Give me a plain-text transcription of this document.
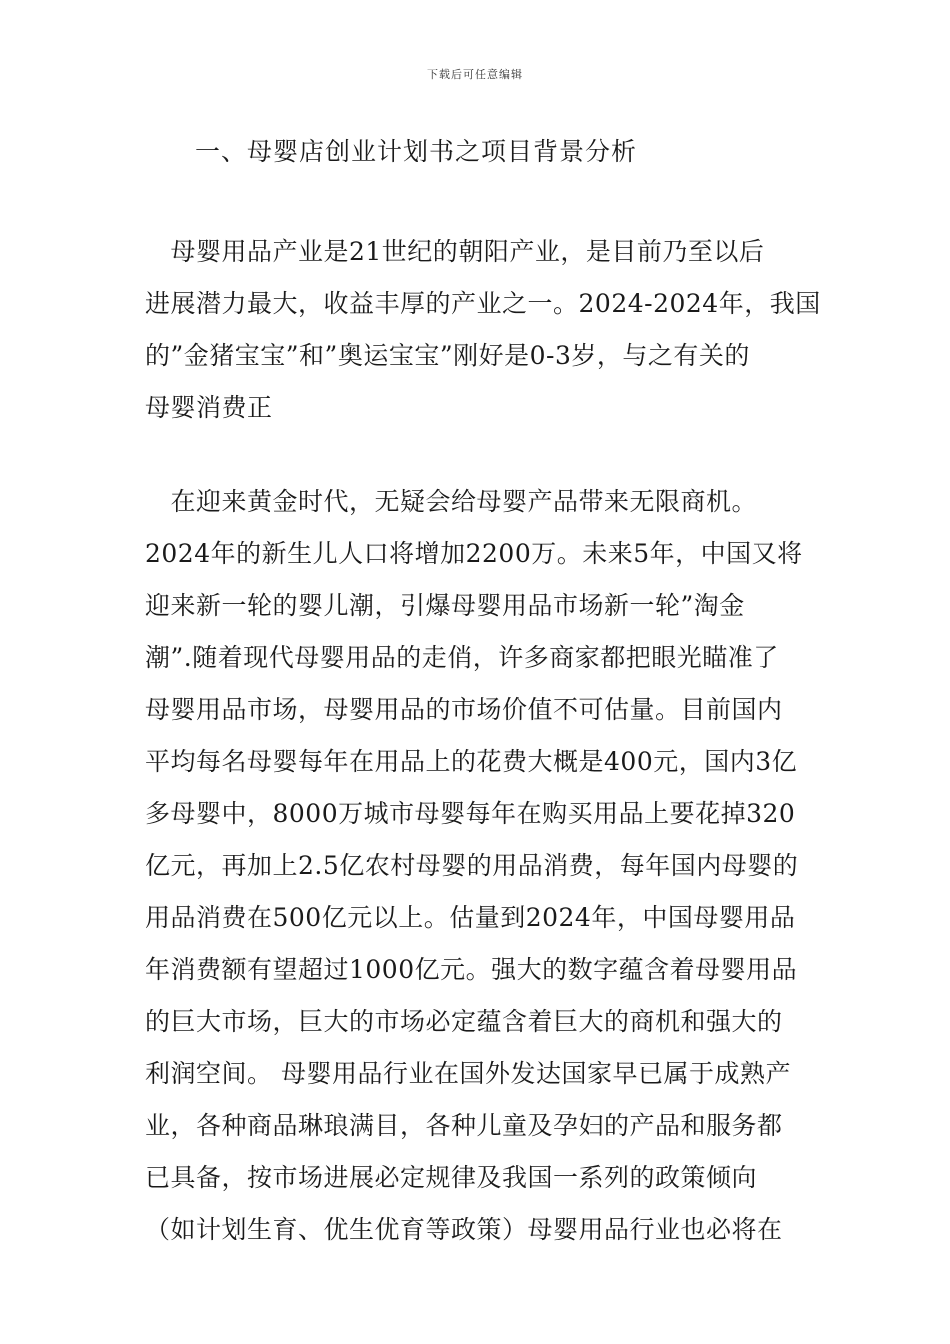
下载后可任意编辑
一、母婴店创业计划书之项目背景分析
　母婴用品产业是21世纪的朝阳产业，是目前乃至以后
进展潜力最大，收益丰厚的产业之一。2024-2024年，我国
的”金猪宝宝”和”奥运宝宝”刚好是0-3岁，与之有关的
母婴消费正
　在迎来黄金时代，无疑会给母婴产品带来无限商机。
2024年的新生儿人口将增加2200万。未来5年，中国又将
迎来新一轮的婴儿潮，引爆母婴用品市场新一轮”淘金
潮”.随着现代母婴用品的走俏，许多商家都把眼光瞄准了
母婴用品市场，母婴用品的市场价值不可估量。目前国内
平均每名母婴每年在用品上的花费大概是400元，国内3亿
多母婴中，8000万城市母婴每年在购买用品上要花掉320
亿元，再加上2.5亿农村母婴的用品消费，每年国内母婴的
用品消费在500亿元以上。估量到2024年，中国母婴用品
年消费额有望超过1000亿元。强大的数字蕴含着母婴用品
的巨大市场，巨大的市场必定蕴含着巨大的商机和强大的
利润空间。 母婴用品行业在国外发达国家早已属于成熟产
业，各种商品琳琅满目，各种儿童及孕妇的产品和服务都
已具备，按市场进展必定规律及我国一系列的政策倾向
（如计划生育、优生优育等政策）母婴用品行业也必将在
